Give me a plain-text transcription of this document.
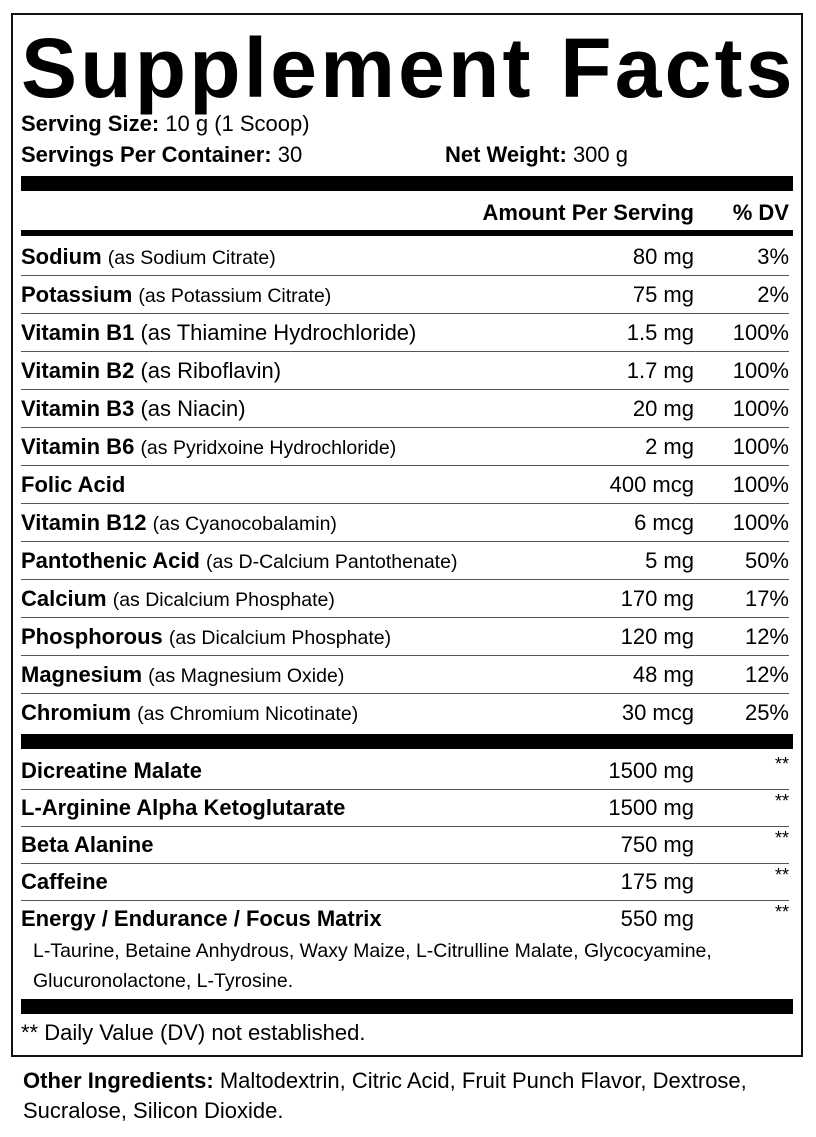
Supplement Facts
Serving Size: 10 g (1 Scoop)
Servings Per Container: 30	Net Weight: 300 g
Amount Per Serving % DV
Sodium (as Sodium Citrate)	80 mg	3%
Potassium (as Potassium Citrate)	75 mg	2%
Vitamin B1 (as Thiamine Hydrochloride)	1.5 mg 100%
Vitamin B2 (as Riboflavin)	1.7 mg 100%
Vitamin B3 (as Niacin)	20 mg 100%
Vitamin B6 (as Pyridxoine Hydrochloride)	2 mg 100%
Folic Acid	400 mcg 100%
Vitamin B12 (as Cyanocobalamin)	6 mcg 100%
Pantothenic Acid (as D-Calcium Pantothenate)	5 mg 50%
Calcium (as Dicalcium Phosphate)	170 mg 17%
Phosphorous (as Dicalcium Phosphate)	120 mg 12%
Magnesium (as Magnesium Oxide)	48 mg 12%
Chromium (as Chromium Nicotinate)	30 mcg 25%
Dicreatine Malate	1500 mg	**
L-Arginine Alpha Ketoglutarate	1500 mg	**
Beta Alanine	750 mg	**
Caffeine	175 mg	**
Energy / Endurance / Focus Matrix	550 mg	**
L-Taurine, Betaine Anhydrous, Waxy Maize, L-Citrulline Malate, Glycocyamine, Glucuronolactone, L-Tyrosine.
** Daily Value (DV) not established.
Other Ingredients: Maltodextrin, Citric Acid, Fruit Punch Flavor, Dextrose, Sucralose, Silicon Dioxide.
